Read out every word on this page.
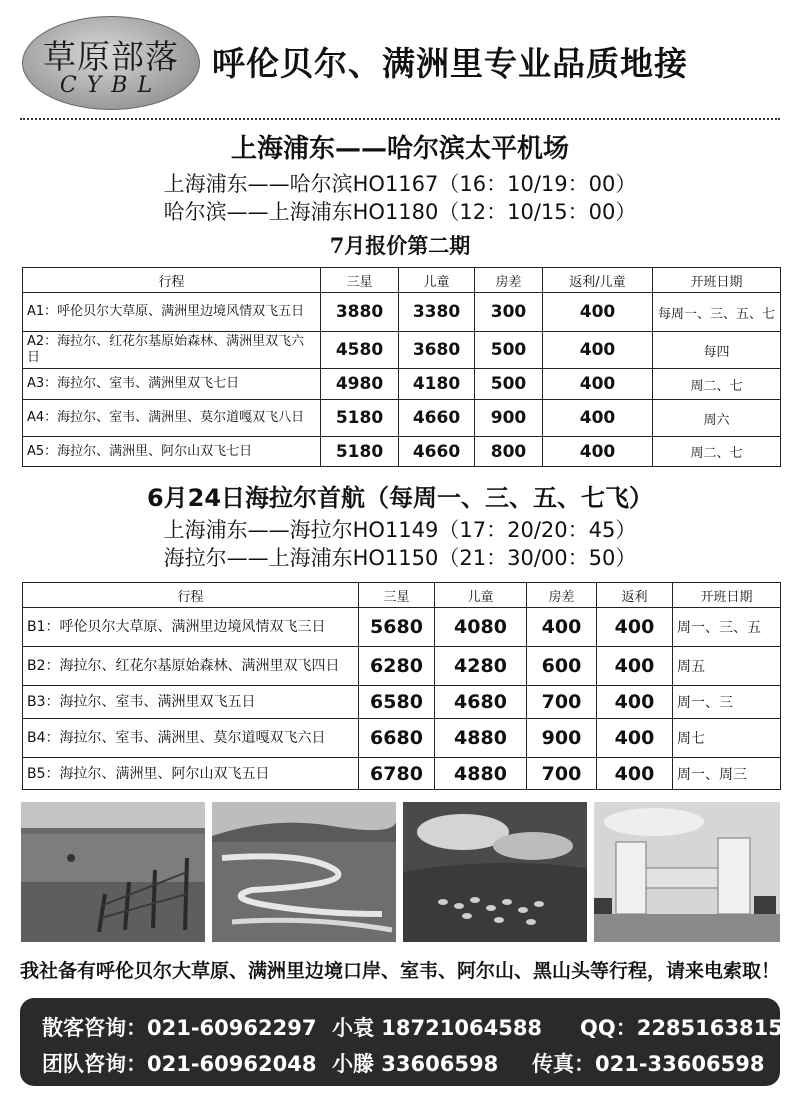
草原部落
CYBL
呼伦贝尔、满洲里专业品质地接
上海浦东——哈尔滨太平机场
上海浦东——哈尔滨HO1167（16：10/19：00）
哈尔滨——上海浦东HO1180（12：10/15：00）
7月报价第二期
行程	三星	儿童	房差	返利/儿童	开班日期
A1：呼伦贝尔大草原、满洲里边境风情双飞五日	3880	3380	300	400	每周一、三、五、七
A2：海拉尔、红花尔基原始森林、满洲里双飞六日	4580	3680	500	400	每四
A3：海拉尔、室韦、满洲里双飞七日	4980	4180	500	400	周二、七
A4：海拉尔、室韦、满洲里、莫尔道嘎双飞八日	5180	4660	900	400	周六
A5：海拉尔、满洲里、阿尔山双飞七日	5180	4660	800	400	周二、七
6月24日海拉尔首航（每周一、三、五、七飞）
上海浦东——海拉尔HO1149（17：20/20：45）
海拉尔——上海浦东HO1150（21：30/00：50）
行程	三星	儿童	房差	返利	开班日期
B1：呼伦贝尔大草原、满洲里边境风情双飞三日	5680	4080	400	400	周一、三、五
B2：海拉尔、红花尔基原始森林、满洲里双飞四日	6280	4280	600	400	周五
B3：海拉尔、室韦、满洲里双飞五日	6580	4680	700	400	周一、三
B4：海拉尔、室韦、满洲里、莫尔道嘎双飞六日	6680	4880	900	400	周七
B5：海拉尔、满洲里、阿尔山双飞五日	6780	4880	700	400	周一、周三
我社备有呼伦贝尔大草原、满洲里边境口岸、室韦、阿尔山、黑山头等行程，请来电索取！
散客咨询：021-60962297 小袁 18721064588 QQ：2285163815
团队咨询：021-60962048 小滕 33606598 传真：021-33606598
